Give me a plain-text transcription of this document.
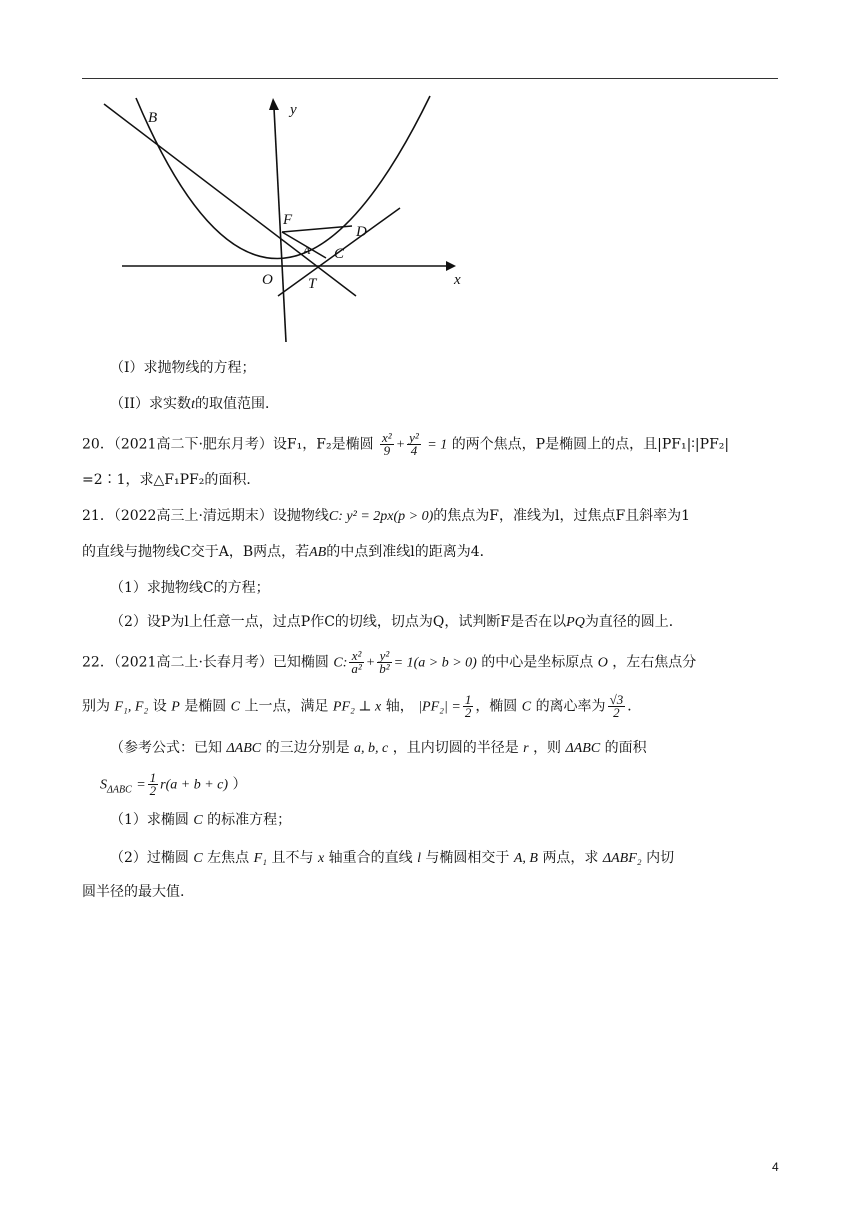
B	y
F
D
A C
O T	x
（I）求抛物线的方程；
（II）求实数t的取值范围．
20．（2021高二下·肥东月考）设F₁，F₂是椭圆 $\frac{\text{x²}}{9} + \frac{\text{y²}}{4} = 1$ 的两个焦点，P是椭圆上的点，且|PF₁|∶|PF₂|
=2∶1，求△F₁PF₂的面积．
21．（2022高三上·清远期末）设抛物线C: y² = 2px(p > 0)的焦点为F，准线为l，过焦点F且斜率为1
的直线与抛物线C交于A，B两点，若AB的中点到准线l的距离为4．
（1）求抛物线C的方程；
（2）设P为l上任意一点，过点P作C的切线，切点为Q，试判断F是否在以PQ为直径的圆上．
22．（2021高二上·长春月考）已知椭圆 C: $\frac{\text{x²}}{\text{a²}} + \frac{\text{y²}}{\text{b²}} = 1(a > b > 0)$ 的中心是坐标原点 O ，左右焦点分
别为 F₁, F₂ 设 P 是椭圆 C 上一点，满足 PF₂ ⊥ x 轴， $|PF_2| = \frac{1}{2}$ ，椭圆 C 的离心率为 $\frac{√3}{2}$ ．
（参考公式：已知 ΔABC 的三边分别是 a, b, c ，且内切圆的半径是 r ，则 ΔABC 的面积
$S_{\Delta ABC} = \frac{1}{2} r(a + b + c)$ ）
（1）求椭圆 C 的标准方程；
（2）过椭圆 C 左焦点 F₁ 且不与 x 轴重合的直线 l 与椭圆相交于 A, B 两点，求 ΔABF₂ 内切
圆半径的最大值.
4
